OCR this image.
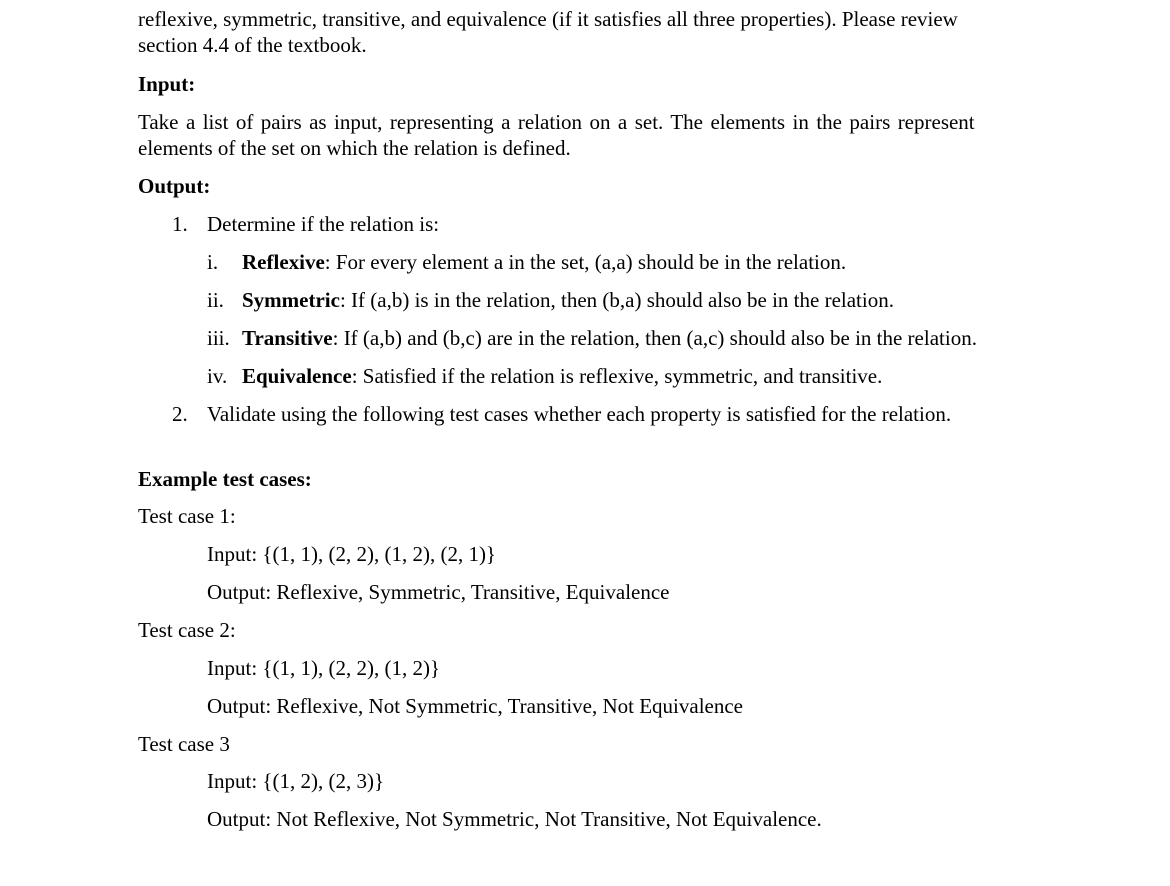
reflexive, symmetric, transitive, and equivalence (if it satisfies all three properties). Please review
section 4.4 of the textbook.
Input:
Take a list of pairs as input, representing a relation on a set. The elements in the pairs represent
elements of the set on which the relation is defined.
Output:
1. Determine if the relation is:
i. Reflexive: For every element a in the set, (a,a) should be in the relation.
ii. Symmetric: If (a,b) is in the relation, then (b,a) should also be in the relation.
iii. Transitive: If (a,b) and (b,c) are in the relation, then (a,c) should also be in the relation.
iv. Equivalence: Satisfied if the relation is reflexive, symmetric, and transitive.
2. Validate using the following test cases whether each property is satisfied for the relation.
Example test cases:
Test case 1:
Input: {(1, 1), (2, 2), (1, 2), (2, 1)}
Output: Reflexive, Symmetric, Transitive, Equivalence
Test case 2:
Input: {(1, 1), (2, 2), (1, 2)}
Output: Reflexive, Not Symmetric, Transitive, Not Equivalence
Test case 3
Input: {(1, 2), (2, 3)}
Output: Not Reflexive, Not Symmetric, Not Transitive, Not Equivalence.
